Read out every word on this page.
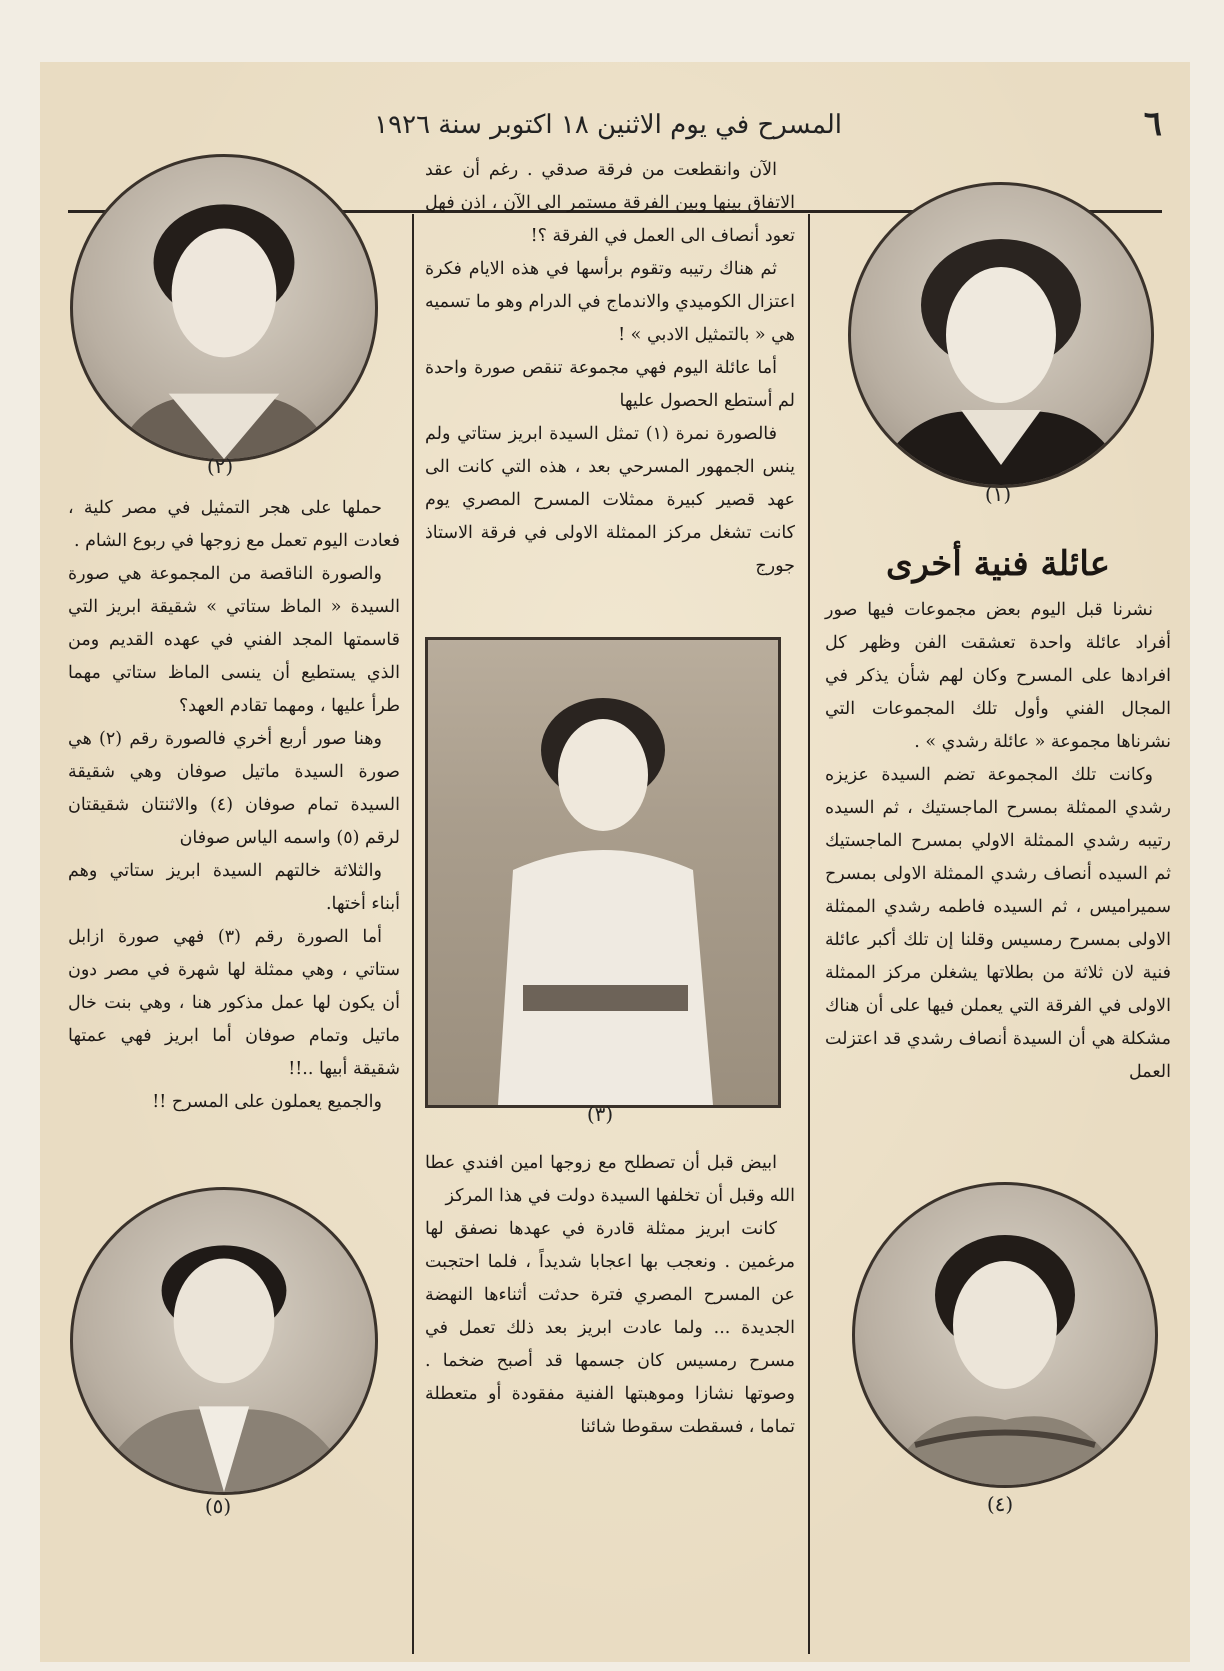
٦
المسرح في يوم الاثنين ١٨ اكتوبر سنة ١٩٢٦
(١)
عائلة فنية أخرى

نشرنا قبل اليوم بعض مجموعات فيها صور أفراد عائلة واحدة تعشقت الفن وظهر كل افرادها على المسرح وكان لهم شأن يذكر في المجال الفني وأول تلك المجموعات التي نشرناها مجموعة « عائلة رشدي » .

وكانت تلك المجموعة تضم السيدة عزيزه رشدي الممثلة بمسرح الماجستيك ، ثم السيده رتيبه رشدي الممثلة الاولي بمسرح الماجستيك ثم السيده أنصاف رشدي الممثلة الاولى بمسرح سميراميس ، ثم السيده فاطمه رشدي الممثلة الاولى بمسرح رمسيس وقلنا إن تلك أكبر عائلة فنية لان ثلاثة من بطلاتها يشغلن مركز الممثلة الاولى في الفرقة التي يعملن فيها على أن هناك مشكلة هي أن السيدة أنصاف رشدي قد اعتزلت العمل

(٤)

الآن وانقطعت من فرقة صدقي . رغم أن عقد الاتفاق بينها وبين الفرقة مستمر الى الآن ، اذن فهل تعود أنصاف الى العمل في الفرقة ؟!

ثم هناك رتيبه وتقوم برأسها في هذه الايام فكرة اعتزال الكوميدي والاندماج في الدرام وهو ما تسميه هي « بالتمثيل الادبي » !

أما عائلة اليوم فهي مجموعة تنقص صورة واحدة لم أستطع الحصول عليها

فالصورة نمرة (١) تمثل السيدة ابريز ستاتي ولم ينس الجمهور المسرحي بعد ، هذه التي كانت الى عهد قصير كبيرة ممثلات المسرح المصري يوم كانت تشغل مركز الممثلة الاولى في فرقة الاستاذ جورج

(٣)

ابيض قبل أن تصطلح مع زوجها امين افندي عطا الله وقبل أن تخلفها السيدة دولت في هذا المركز

كانت ابريز ممثلة قادرة في عهدها نصفق لها مرغمين . ونعجب بها اعجابا شديداً ، فلما احتجبت عن المسرح المصري فترة حدثت أثناءها النهضة الجديدة ... ولما عادت ابريز بعد ذلك تعمل في مسرح رمسيس كان جسمها قد أصبح ضخما . وصوتها نشازا وموهبتها الفنية مفقودة أو متعطلة تماما ، فسقطت سقوطا شائنا

(٢)

حملها على هجر التمثيل في مصر كلية ، فعادت اليوم تعمل مع زوجها في ربوع الشام .

والصورة الناقصة من المجموعة هي صورة السيدة « الماظ ستاتي » شقيقة ابريز التي قاسمتها المجد الفني في عهده القديم ومن الذي يستطيع أن ينسى الماظ ستاتي مهما طرأ عليها ، ومهما تقادم العهد؟

وهنا صور أربع أخري فالصورة رقم (٢) هي صورة السيدة ماتيل صوفان وهي شقيقة السيدة تمام صوفان (٤) والاثنتان شقيقتان لرقم (٥) واسمه الياس صوفان

والثلاثة خالتهم السيدة ابريز ستاتي وهم أبناء أختها.

أما الصورة رقم (٣) فهي صورة ازابل ستاتي ، وهي ممثلة لها شهرة في مصر دون أن يكون لها عمل مذكور هنا ، وهي بنت خال ماتيل وتمام صوفان أما ابريز فهي عمتها شقيقة أبيها ..!!

والجميع يعملون على المسرح !!

(٥)
